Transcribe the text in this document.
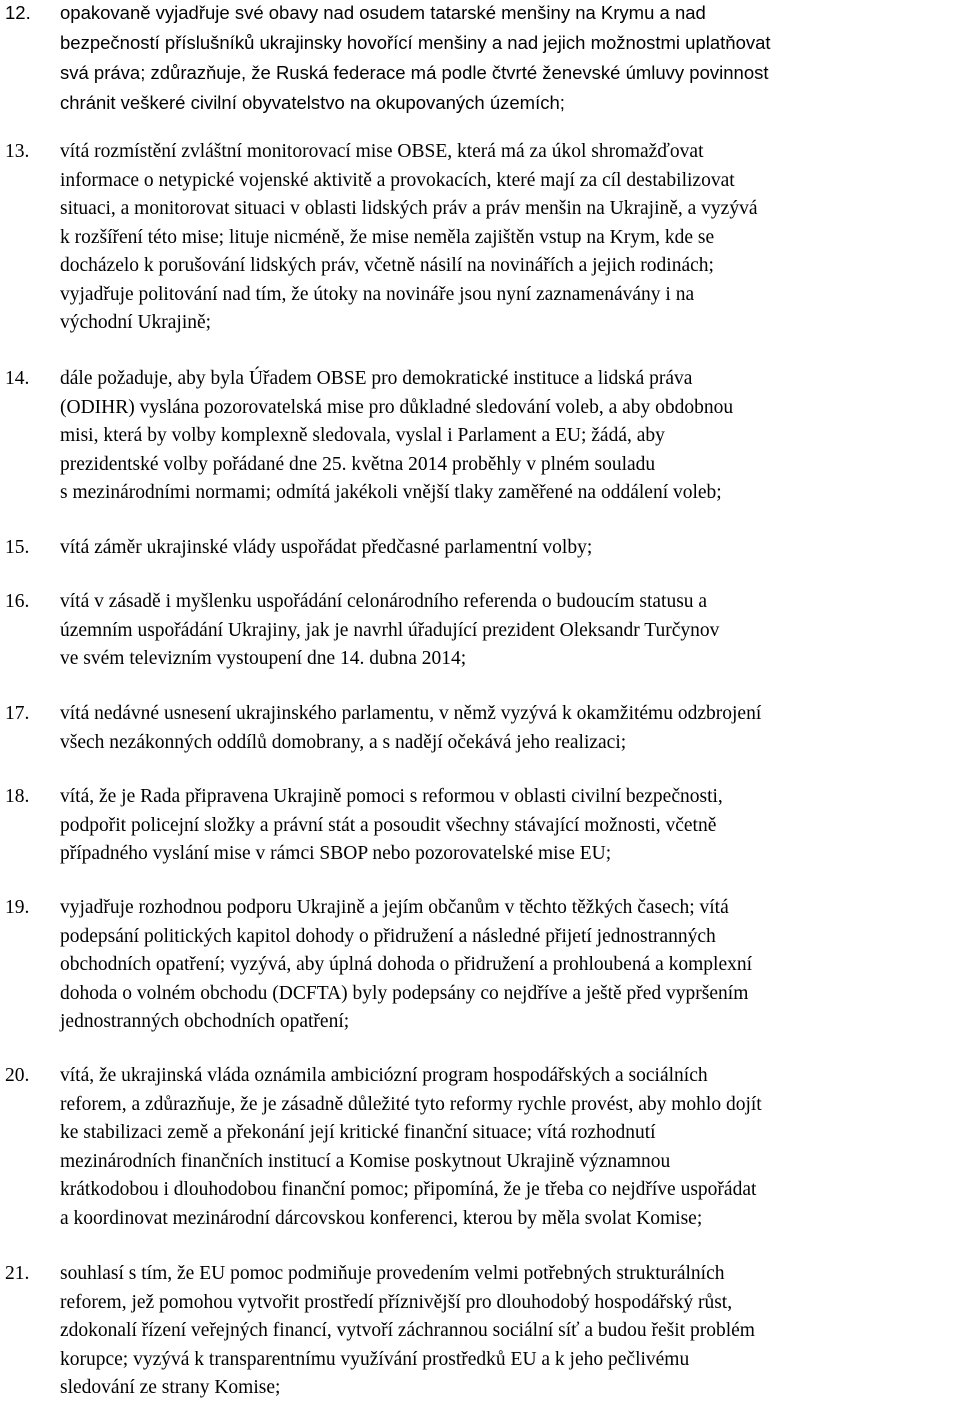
12. opakovaně vyjadřuje své obavy nad osudem tatarské menšiny na Krymu a nad
bezpečností příslušníků ukrajinsky hovořící menšiny a nad jejich možnostmi uplatňovat
svá práva; zdůrazňuje, že Ruská federace má podle čtvrté ženevské úmluvy povinnost
chránit veškeré civilní obyvatelstvo na okupovaných územích;
13. vítá rozmístění zvláštní monitorovací mise OBSE, která má za úkol shromažďovat
informace o netypické vojenské aktivitě a provokacích, které mají za cíl destabilizovat
situaci, a monitorovat situaci v oblasti lidských práv a práv menšin na Ukrajině, a vyzývá
k rozšíření této mise; lituje nicméně, že mise neměla zajištěn vstup na Krym, kde se
docházelo k porušování lidských práv, včetně násilí na novinářích a jejich rodinách;
vyjadřuje politování nad tím, že útoky na novináře jsou nyní zaznamenávány i na
východní Ukrajině;
14. dále požaduje, aby byla Úřadem OBSE pro demokratické instituce a lidská práva
(ODIHR) vyslána pozorovatelská mise pro důkladné sledování voleb, a aby obdobnou
misi, která by volby komplexně sledovala, vyslal i Parlament a EU; žádá, aby
prezidentské volby pořádané dne 25. května 2014 proběhly v plném souladu
s mezinárodními normami; odmítá jakékoli vnější tlaky zaměřené na oddálení voleb;
15. vítá záměr ukrajinské vlády uspořádat předčasné parlamentní volby;
16. vítá v zásadě i myšlenku uspořádání celonárodního referenda o budoucím statusu a
územním uspořádání Ukrajiny, jak je navrhl úřadující prezident Oleksandr Turčynov
ve svém televizním vystoupení dne 14. dubna 2014;
17. vítá nedávné usnesení ukrajinského parlamentu, v němž vyzývá k okamžitému odzbrojení
všech nezákonných oddílů domobrany, a s nadějí očekává jeho realizaci;
18. vítá, že je Rada připravena Ukrajině pomoci s reformou v oblasti civilní bezpečnosti,
podpořit policejní složky a právní stát a posoudit všechny stávající možnosti, včetně
případného vyslání mise v rámci SBOP nebo pozorovatelské mise EU;
19. vyjadřuje rozhodnou podporu Ukrajině a jejím občanům v těchto těžkých časech; vítá
podepsání politických kapitol dohody o přidružení a následné přijetí jednostranných
obchodních opatření; vyzývá, aby úplná dohoda o přidružení a prohloubená a komplexní
dohoda o volném obchodu (DCFTA) byly podepsány co nejdříve a ještě před vypršením
jednostranných obchodních opatření;
20. vítá, že ukrajinská vláda oznámila ambiciózní program hospodářských a sociálních
reforem, a zdůrazňuje, že je zásadně důležité tyto reformy rychle provést, aby mohlo dojít
ke stabilizaci země a překonání její kritické finanční situace; vítá rozhodnutí
mezinárodních finančních institucí a Komise poskytnout Ukrajině významnou
krátkodobou i dlouhodobou finanční pomoc; připomíná, že je třeba co nejdříve uspořádat
a koordinovat mezinárodní dárcovskou konferenci, kterou by měla svolat Komise;
21. souhlasí s tím, že EU pomoc podmiňuje provedením velmi potřebných strukturálních
reforem, jež pomohou vytvořit prostředí příznivější pro dlouhodobý hospodářský růst,
zdokonalí řízení veřejných financí, vytvoří záchrannou sociální síť a budou řešit problém
korupce; vyzývá k transparentnímu využívání prostředků EU a k jeho pečlivému
sledování ze strany Komise;
